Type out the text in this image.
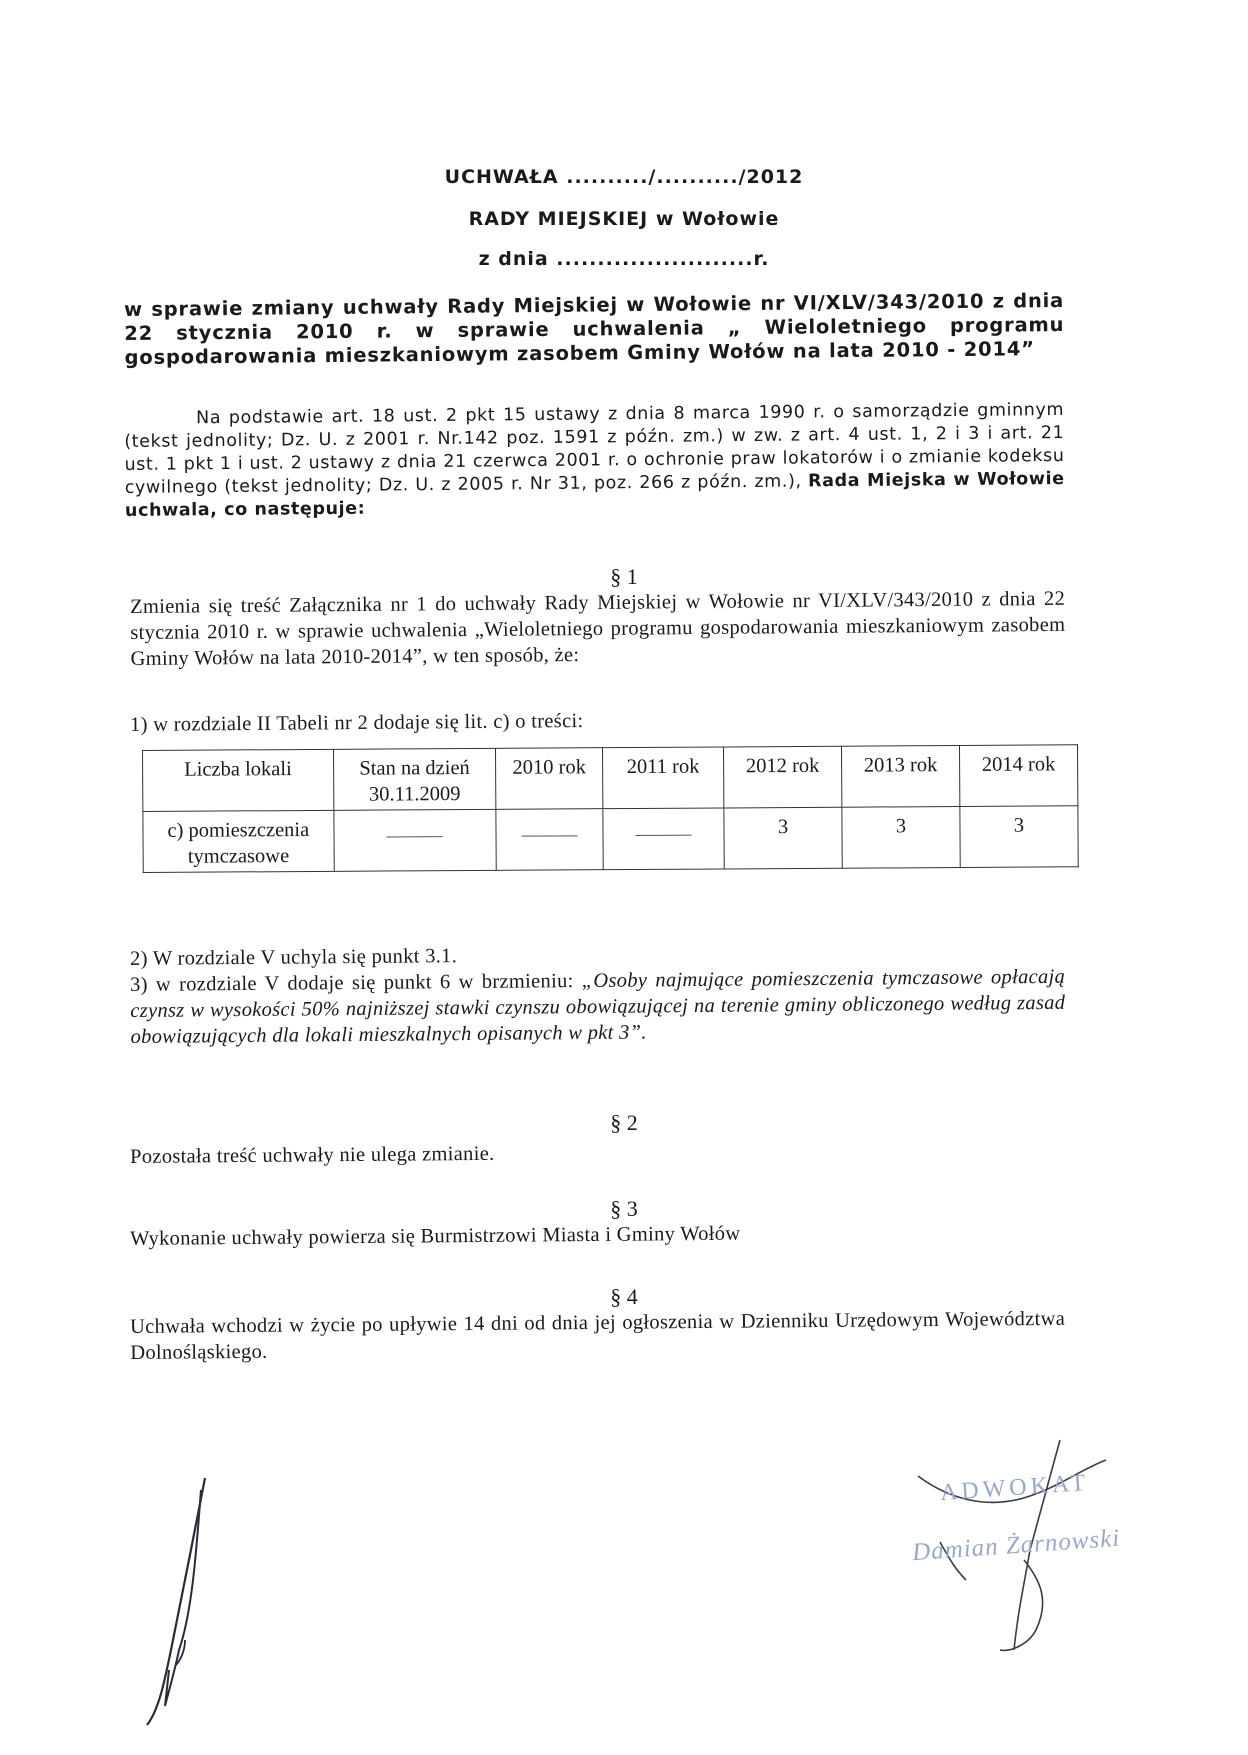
UCHWAŁA ........../........../2012
RADY MIEJSKIEJ w Wołowie
z dnia ........................r.
w sprawie zmiany uchwały Rady Miejskiej w Wołowie nr VI/XLV/343/2010 z dnia 22 stycznia 2010 r. w sprawie uchwalenia „ Wieloletniego programu gospodarowania mieszkaniowym zasobem Gminy Wołów na lata 2010 - 2014”
Na podstawie art. 18 ust. 2 pkt 15 ustawy z dnia 8 marca 1990 r. o samorządzie gminnym (tekst jednolity; Dz. U. z 2001 r. Nr.142 poz. 1591 z późn. zm.) w zw. z art. 4 ust. 1, 2 i 3 i art. 21 ust. 1 pkt 1 i ust. 2 ustawy z dnia 21 czerwca 2001 r. o ochronie praw lokatorów i o zmianie kodeksu cywilnego (tekst jednolity; Dz. U. z 2005 r. Nr 31, poz. 266 z późn. zm.), Rada Miejska w Wołowie uchwala, co następuje:
§ 1
Zmienia się treść Załącznika nr 1 do uchwały Rady Miejskiej w Wołowie nr VI/XLV/343/2010 z dnia 22 stycznia 2010 r. w sprawie uchwalenia „Wieloletniego programu gospodarowania mieszkaniowym zasobem Gminy Wołów na lata 2010-2014”, w ten sposób, że:
1) w rozdziale II Tabeli nr 2 dodaje się lit. c) o treści:
Liczba lokali	Stan na dzień 30.11.2009	2010 rok	2011 rok	2012 rok	2013 rok	2014 rok
c) pomieszczenia tymczasowe				3	3	3
2) W rozdziale V uchyla się punkt 3.1.
3) w rozdziale V dodaje się punkt 6 w brzmieniu: „Osoby najmujące pomieszczenia tymczasowe opłacają czynsz w wysokości 50% najniższej stawki czynszu obowiązującej na terenie gminy obliczonego według zasad obowiązujących dla lokali mieszkalnych opisanych w pkt 3”.
§ 2
Pozostała treść uchwały nie ulega zmianie.
§ 3
Wykonanie uchwały powierza się Burmistrzowi Miasta i Gminy Wołów
§ 4
Uchwała wchodzi w życie po upływie 14 dni od dnia jej ogłoszenia w Dzienniku Urzędowym Województwa Dolnośląskiego.
ADWOKAT
Damian Żarnowski
